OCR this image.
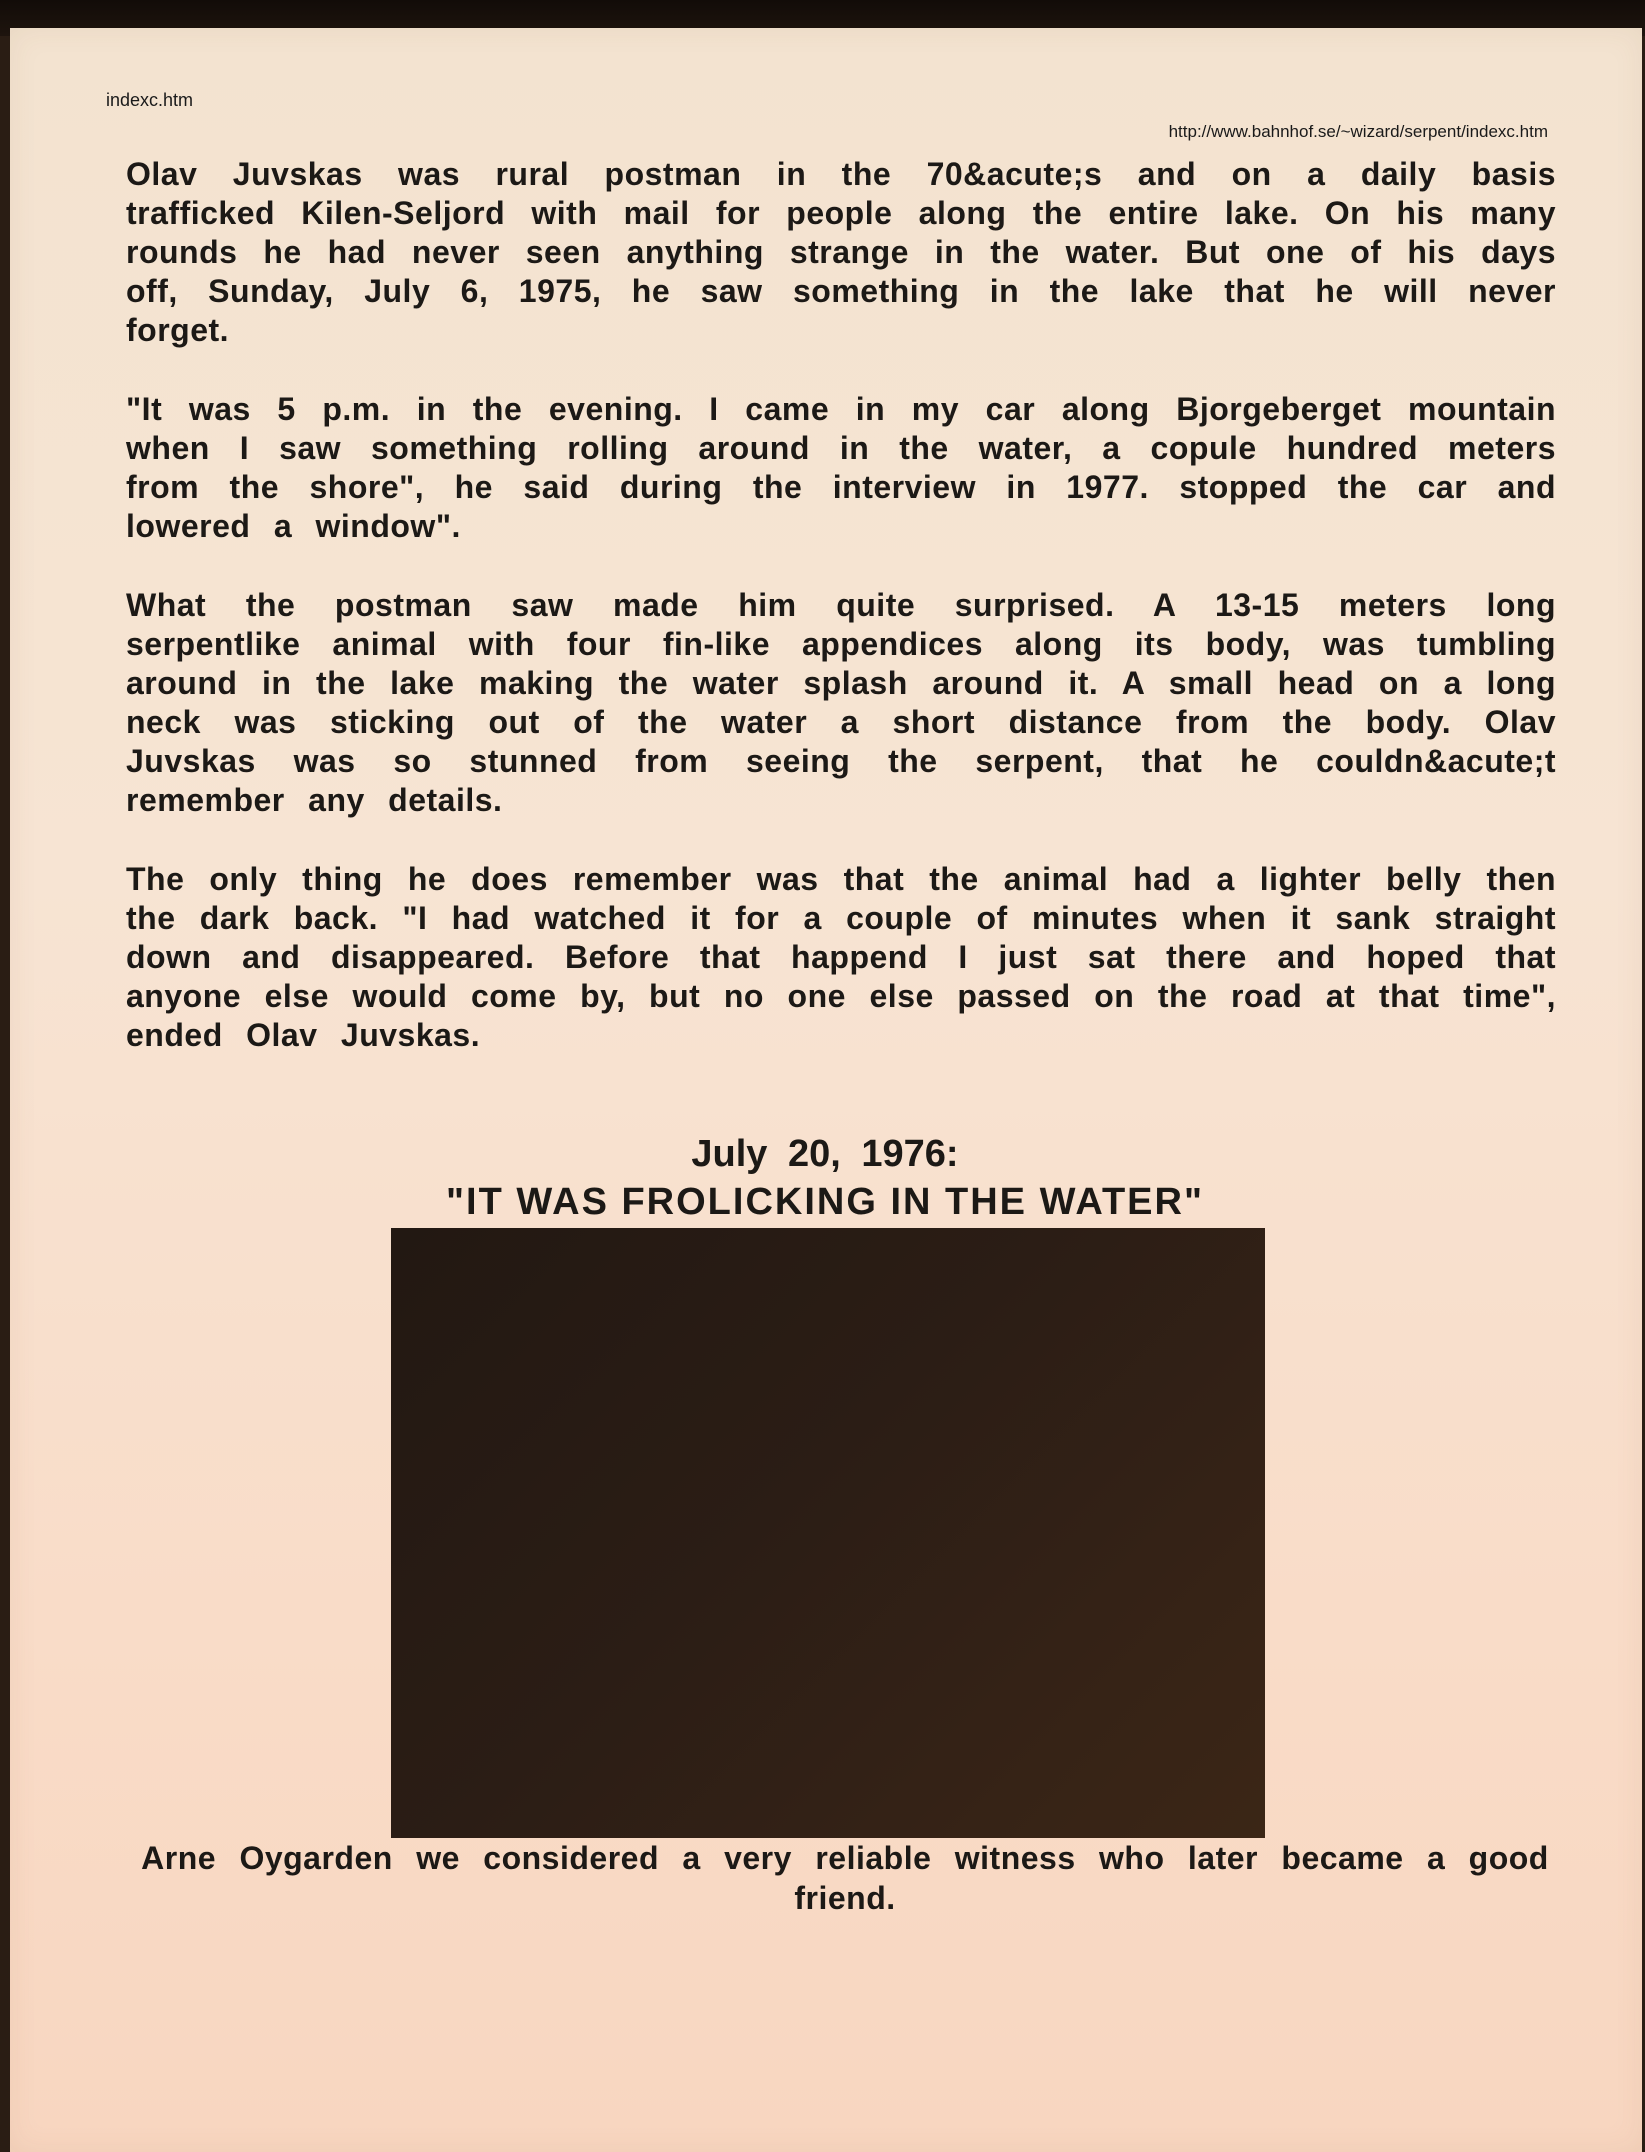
indexc.htm
http://www.bahnhof.se/~wizard/serpent/indexc.htm

Olav Juvskas was rural postman in the 70&acute;s and on a daily basis trafficked Kilen-Seljord with mail for people along the entire lake. On his many rounds he had never seen anything strange in the water. But one of his days off, Sunday, July 6, 1975, he saw something in the lake that he will never forget.

"It was 5 p.m. in the evening. I came in my car along Bjorgeberget mountain when I saw something rolling around in the water, a copule hundred meters from the shore", he said during the interview in 1977. stopped the car and lowered a window".

What the postman saw made him quite surprised. A 13-15 meters long serpentlike animal with four fin-like appendices along its body, was tumbling around in the lake making the water splash around it. A small head on a long neck was sticking out of the water a short distance from the body. Olav Juvskas was so stunned from seeing the serpent, that he couldn&acute;t remember any details.

The only thing he does remember was that the animal had a lighter belly then the dark back. "I had watched it for a couple of minutes when it sank straight down and disappeared. Before that happend I just sat there and hoped that anyone else would come by, but no one else passed on the road at that time", ended Olav Juvskas.

July 20, 1976:
"IT WAS FROLICKING IN THE WATER"
Arne Oygarden we considered a very reliable witness who later became a good friend.
